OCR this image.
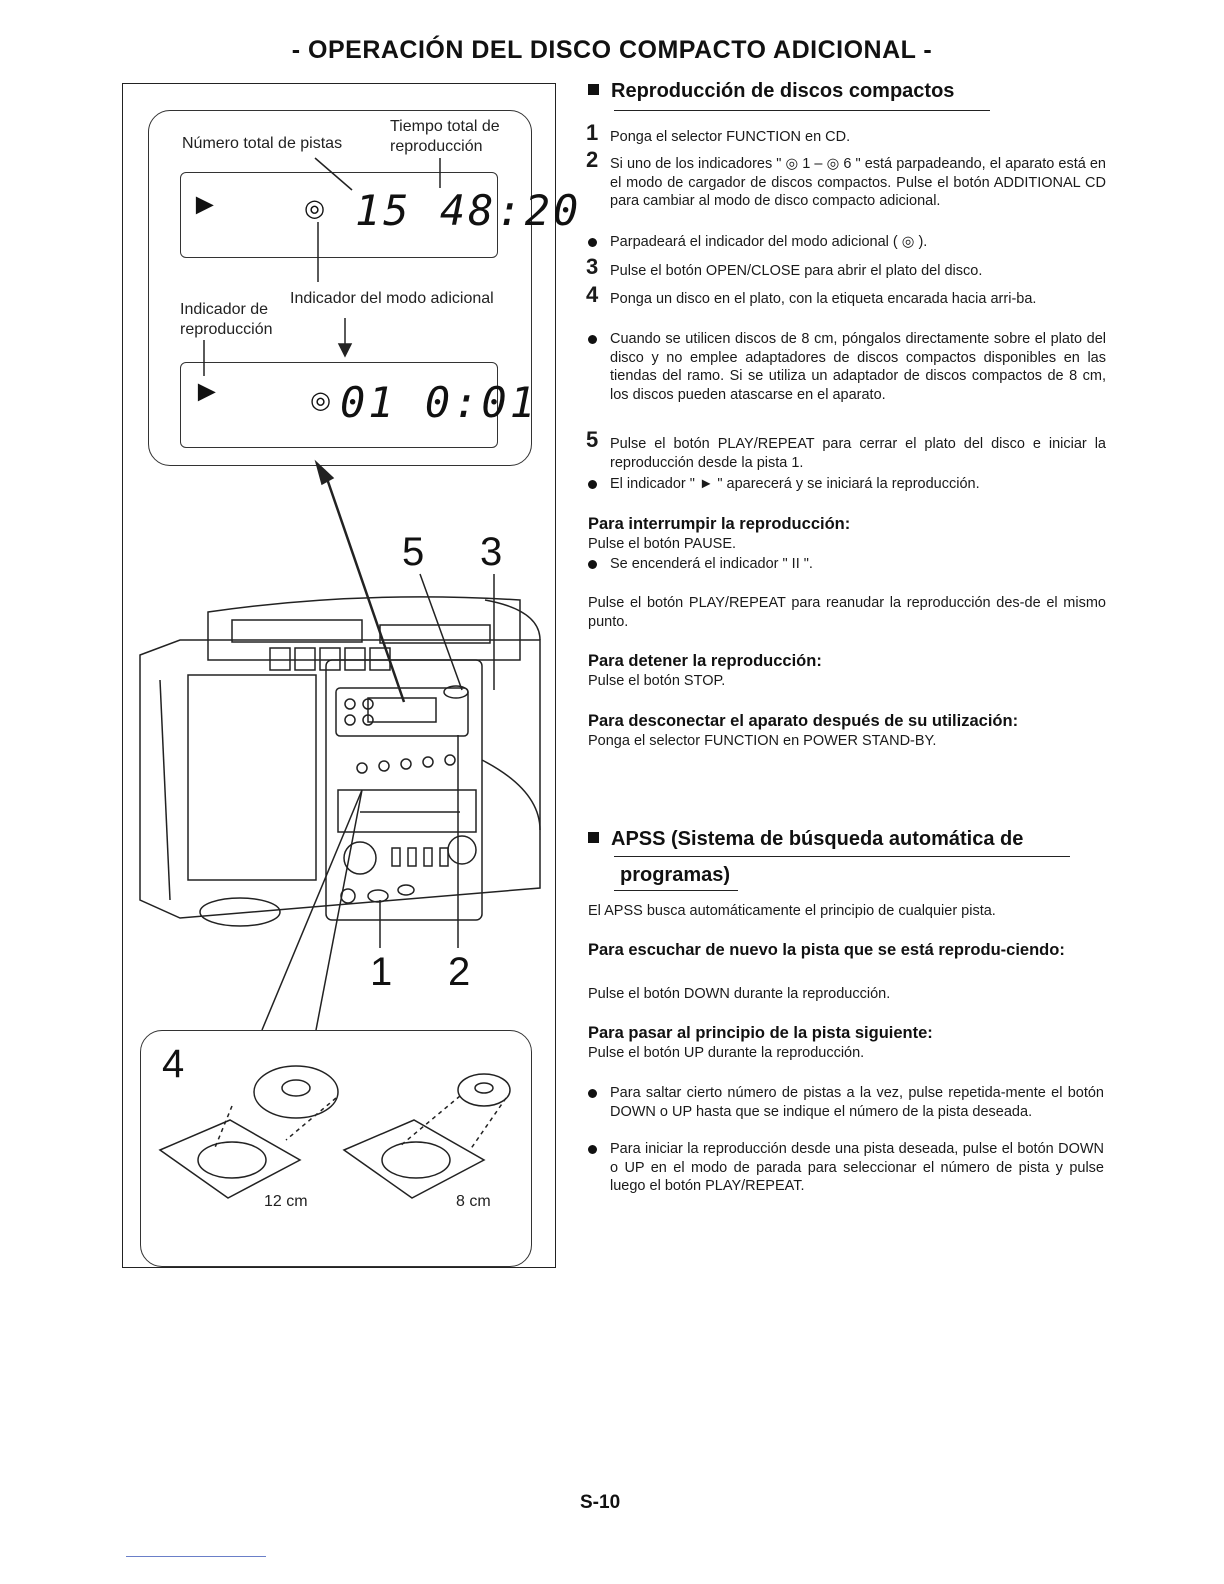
- OPERACIÓN DEL DISCO COMPACTO ADICIONAL -
Número total de pistas
Tiempo total de
reproducción
►	◎ 15 48:20
Indicador del modo adicional
Indicador de
reproducción
►	◎ 01 0:01
5 3
1 2
4
12 cm	8 cm
Reproducción de discos compactos
1 Ponga el selector FUNCTION en CD.
2 Si uno de los indicadores " ◎ 1 – ◎ 6 " está parpadeando, el aparato está en el modo de cargador de discos compactos. Pulse el botón ADDITIONAL CD para cambiar al modo de disco compacto adicional.
Parpadeará el indicador del modo adicional ( ◎ ).
3 Pulse el botón OPEN/CLOSE para abrir el plato del disco.
4 Ponga un disco en el plato, con la etiqueta encarada hacia arri-ba.
Cuando se utilicen discos de 8 cm, póngalos directamente sobre el plato del disco y no emplee adaptadores de discos compactos disponibles en las tiendas del ramo. Si se utiliza un adaptador de discos compactos de 8 cm, los discos pueden atascarse en el aparato.
5 Pulse el botón PLAY/REPEAT para cerrar el plato del disco e iniciar la reproducción desde la pista 1.
El indicador " ► " aparecerá y se iniciará la reproducción.
Para interrumpir la reproducción:
Pulse el botón PAUSE.
Se encenderá el indicador " II ".
Pulse el botón PLAY/REPEAT para reanudar la reproducción des-de el mismo punto.
Para detener la reproducción:
Pulse el botón STOP.
Para desconectar el aparato después de su utilización:
Ponga el selector FUNCTION en POWER STAND-BY.
APSS (Sistema de búsqueda automática de
programas)
El APSS busca automáticamente el principio de cualquier pista.
Para escuchar de nuevo la pista que se está reprodu-ciendo:
Pulse el botón DOWN durante la reproducción.
Para pasar al principio de la pista siguiente:
Pulse el botón UP durante la reproducción.
Para saltar cierto número de pistas a la vez, pulse repetida-mente el botón DOWN o UP hasta que se indique el número de la pista deseada.
Para iniciar la reproducción desde una pista deseada, pulse el botón DOWN o UP en el modo de parada para seleccionar el número de pista y pulse luego el botón PLAY/REPEAT.
S-10
